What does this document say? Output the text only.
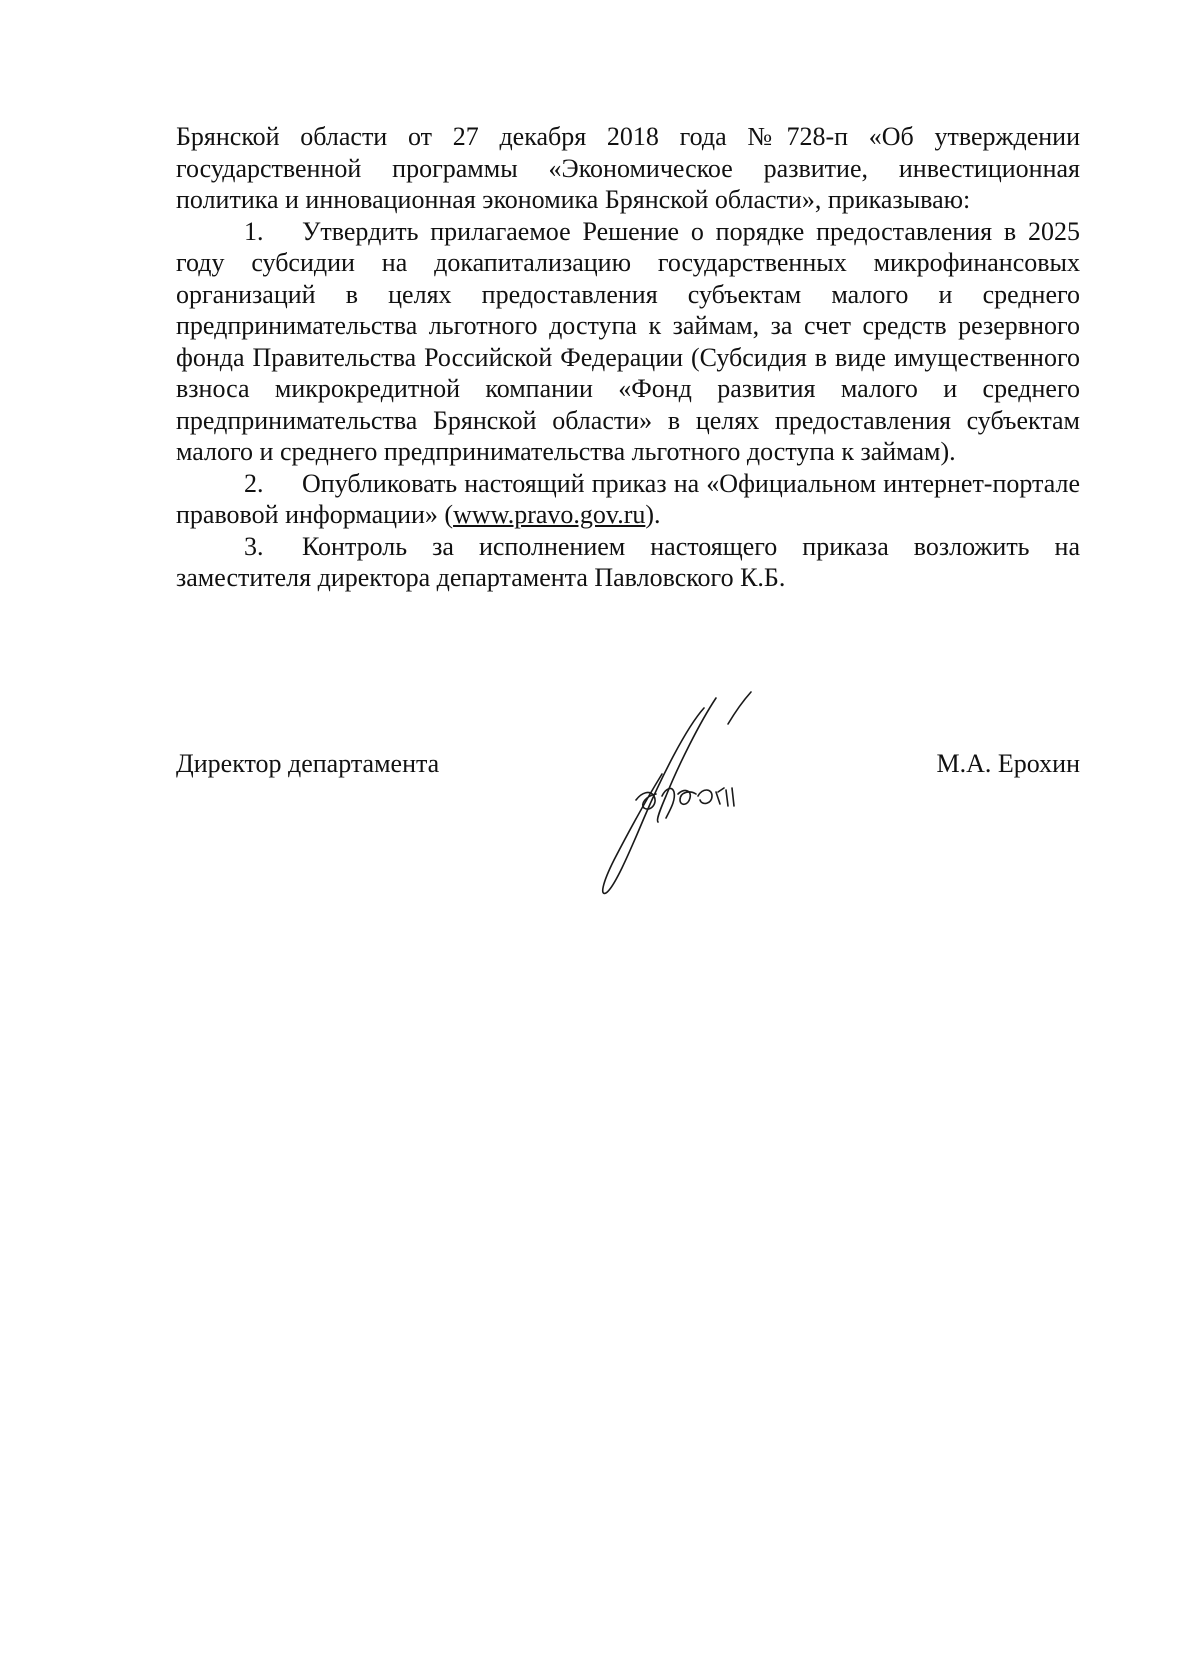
Брянской области от 27 декабря 2018 года №728-п «Об утверждении государственной программы «Экономическое развитие, инвестиционная политика и инновационная экономика Брянской области», приказываю:

1. Утвердить прилагаемое Решение о порядке предоставления в 2025 году субсидии на докапитализацию государственных микрофинансовых организаций в целях предоставления субъектам малого и среднего предпринимательства льготного доступа к займам, за счет средств резервного фонда Правительства Российской Федерации (Субсидия в виде имущественного взноса микрокредитной компании «Фонд развития малого и среднего предпринимательства Брянской области» в целях предоставления субъектам малого и среднего предпринимательства льготного доступа к займам).

2. Опубликовать настоящий приказ на «Официальном интернет-портале правовой информации» (www.pravo.gov.ru).

3. Контроль за исполнением настоящего приказа возложить на заместителя директора департамента Павловского К.Б.

Директор департамента	М.А. Ерохин
